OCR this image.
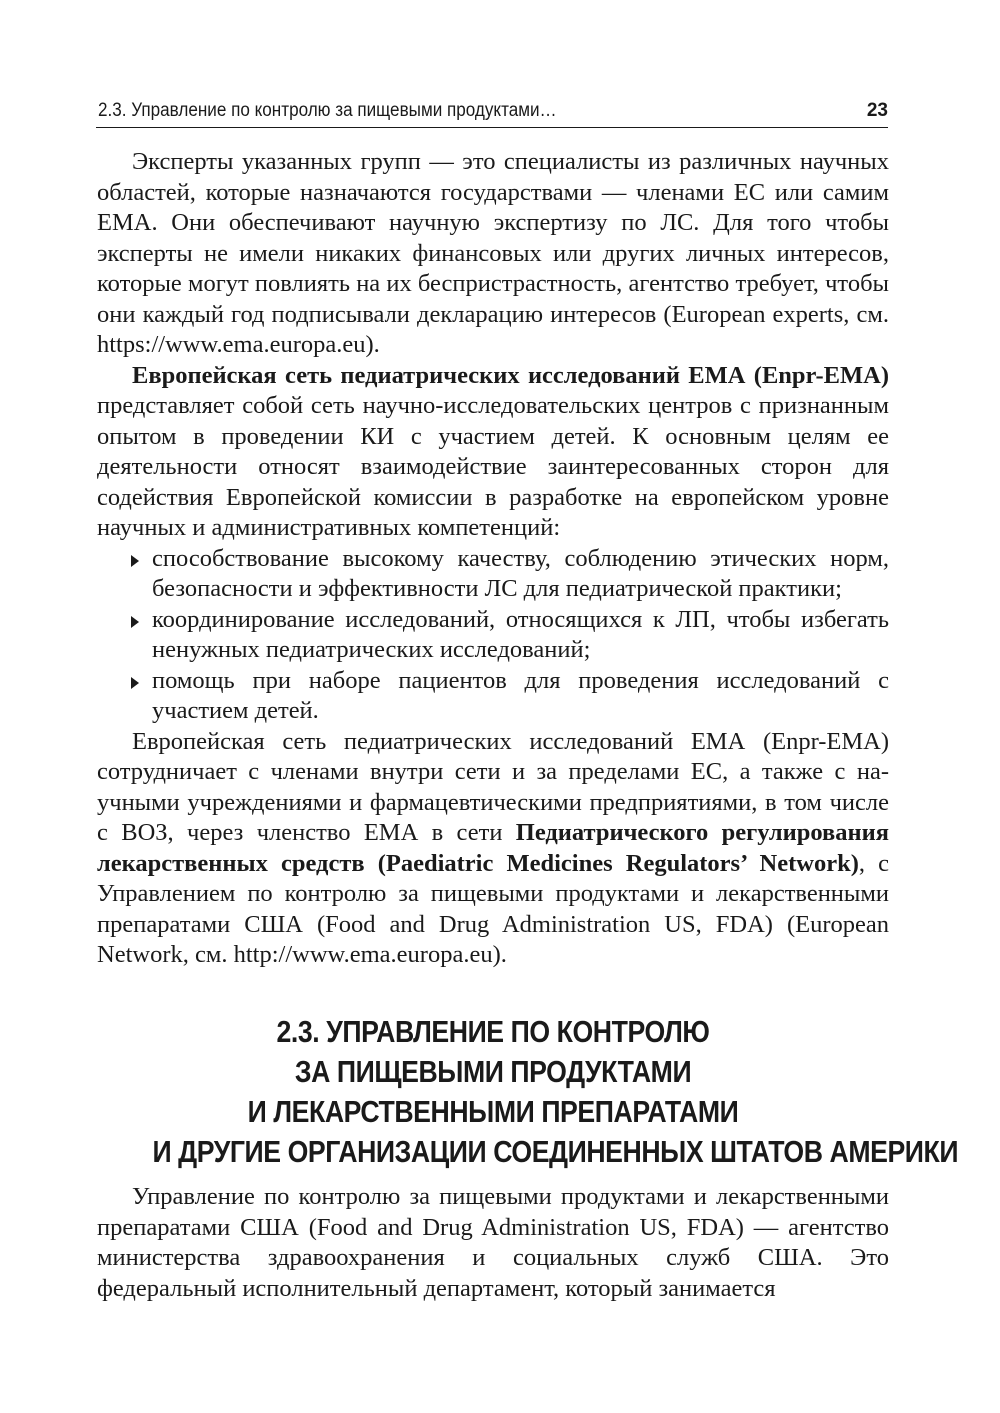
2.3. Управление по контролю за пищевыми продуктами…	23

Эксперты указанных групп — это специалисты из различных научных областей, которые назначаются государствами — членами ЕС или самим ЕМА. Они обеспечивают научную экспертизу по ЛС. Для того чтобы эксперты не имели никаких финансовых или других личных интересов, которые могут повлиять на их беспристрастность, агентство требует, чтобы они каждый год подписывали декларацию интересов (European experts, см. https://www.ema.europa.eu).

Европейская сеть педиатрических исследований ЕМА (Enpr-EMA) представляет собой сеть научно-исследовательских центров с признанным опытом в проведении КИ с участием детей. К основным целям ее деятельности относят взаимодействие заинтересованных сторон для содействия Европейской комиссии в разработке на европейском уровне научных и административных компетенций:

способствование высокому качеству, соблюдению этических норм, безопасности и эффективности ЛС для педиатрической практики;
координирование исследований, относящихся к ЛП, чтобы избегать ненужных педиатрических исследований;
помощь при наборе пациентов для проведения исследований с участием детей.

Европейская сеть педиатрических исследований ЕМА (Enpr-EMA) сотрудничает с членами внутри сети и за пределами ЕС, а также с научными учреждениями и фармацевтическими предприятиями, в том числе с ВОЗ, через членство ЕМА в сети Педиатрического регулирования лекарственных средств (Paediatric Medicines Regulators’ Network), с Управлением по контролю за пищевыми продуктами и лекарственными препаратами США (Food and Drug Administration US, FDA) (European Network, см. http://www.ema.europa.eu).

2.3. УПРАВЛЕНИЕ ПО КОНТРОЛЮ
ЗА ПИЩЕВЫМИ ПРОДУКТАМИ
И ЛЕКАРСТВЕННЫМИ ПРЕПАРАТАМИ
И ДРУГИЕ ОРГАНИЗАЦИИ СОЕДИНЕННЫХ ШТАТОВ АМЕРИКИ

Управление по контролю за пищевыми продуктами и лекарственными препаратами США (Food and Drug Administration US, FDA) — агентство министерства здравоохранения и социальных служб США. Это федеральный исполнительный департамент, который занимается
